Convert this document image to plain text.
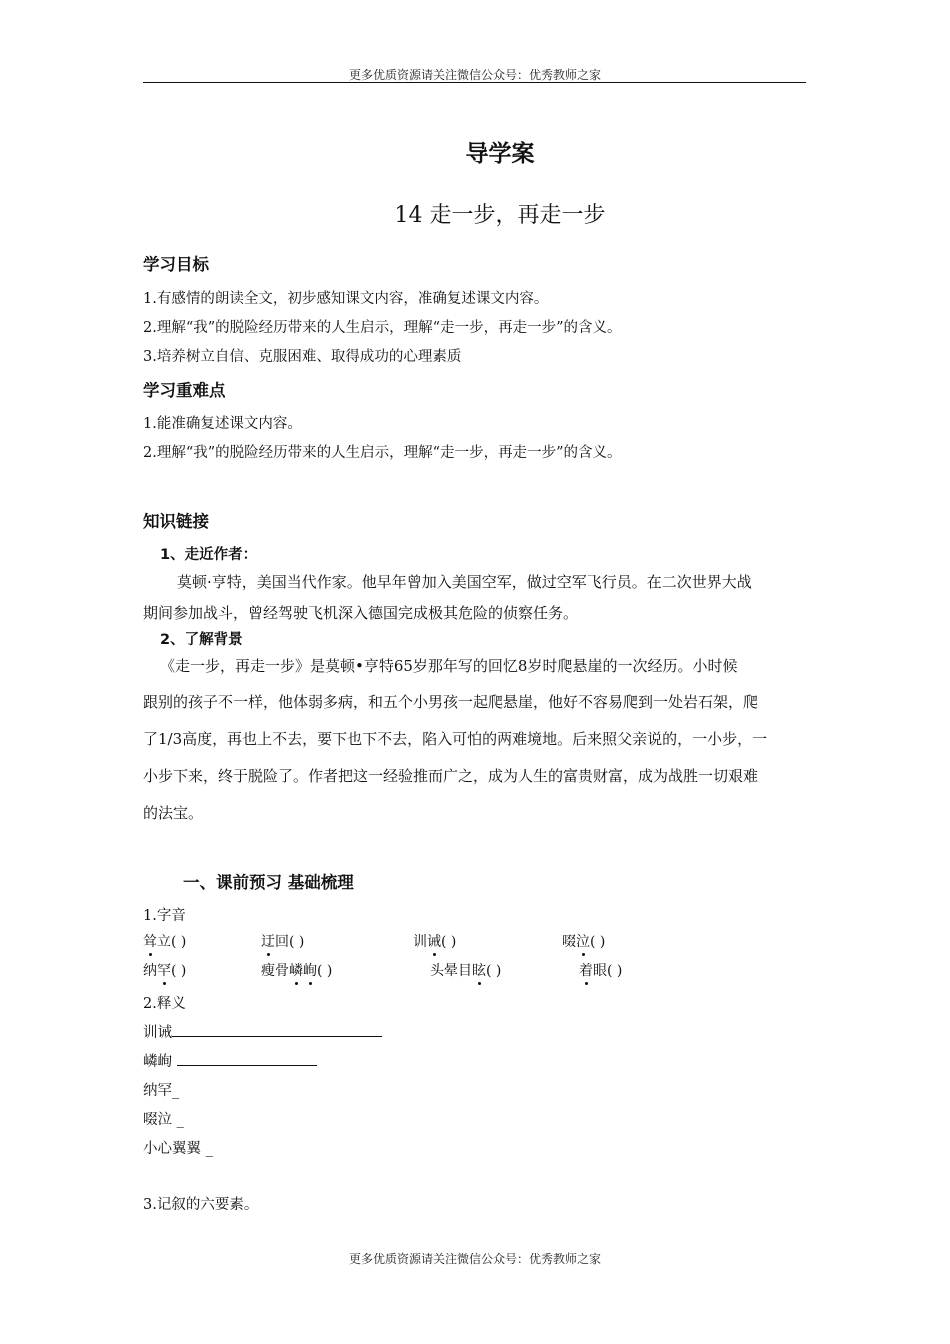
更多优质资源请关注微信公众号：优秀教师之家
导学案
14 走一步，再走一步
学习目标
1.有感情的朗读全文，初步感知课文内容，准确复述课文内容。
2.理解“我”的脱险经历带来的人生启示，理解“走一步，再走一步”的含义。
3.培养树立自信、克服困难、取得成功的心理素质
学习重难点
1.能准确复述课文内容。
2.理解“我”的脱险经历带来的人生启示，理解“走一步，再走一步”的含义。
知识链接
1、走近作者：
莫顿·亨特，美国当代作家。他早年曾加入美国空军，做过空军飞行员。在二次世界大战
期间参加战斗，曾经驾驶飞机深入德国完成极其危险的侦察任务。
2、了解背景
《走一步，再走一步》是莫顿•亨特65岁那年写的回忆8岁时爬悬崖的一次经历。小时候
跟别的孩子不一样，他体弱多病，和五个小男孩一起爬悬崖，他好不容易爬到一处岩石架，爬
了1/3高度，再也上不去，要下也下不去，陷入可怕的两难境地。后来照父亲说的，一小步，一
小步下来，终于脱险了。作者把这一经验推而广之，成为人生的富贵财富，成为战胜一切艰难
的法宝。
一、课前预习 基础梳理
1.字音
耸立( )	迂回( )	训诫( )	啜泣( )
纳罕( )	瘦骨嶙峋( )	头晕目眩( )	着眼( )
2.释义
训诫
嶙峋
纳罕_
啜泣 _
小心翼翼 _
3.记叙的六要素。
更多优质资源请关注微信公众号：优秀教师之家
